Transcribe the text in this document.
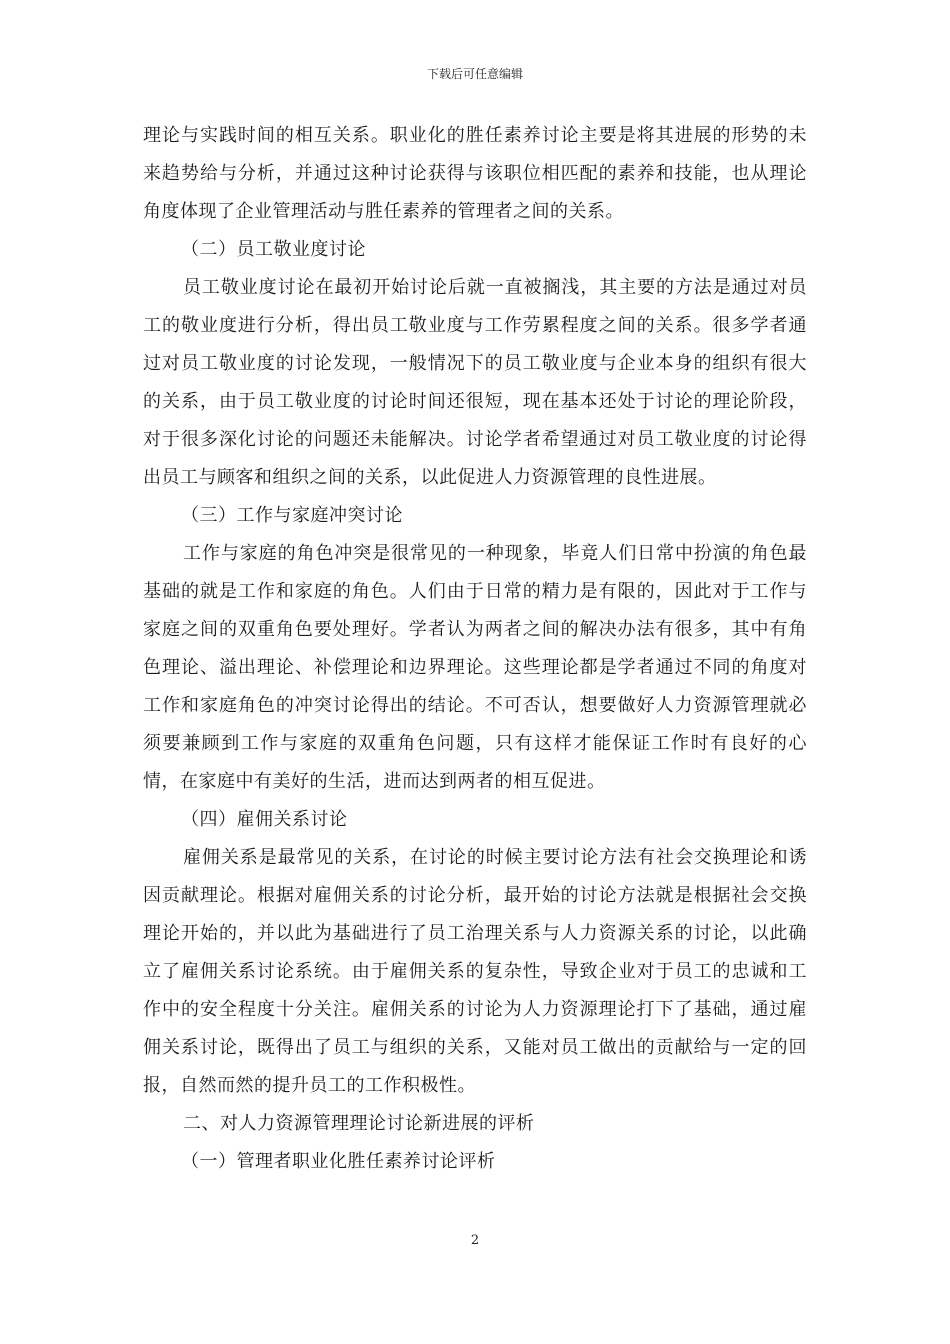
下载后可任意编辑

理论与实践时间的相互关系。职业化的胜任素养讨论主要是将其进展的形势的未来趋势给与分析，并通过这种讨论获得与该职位相匹配的素养和技能，也从理论角度体现了企业管理活动与胜任素养的管理者之间的关系。

（二）员工敬业度讨论

员工敬业度讨论在最初开始讨论后就一直被搁浅，其主要的方法是通过对员工的敬业度进行分析，得出员工敬业度与工作劳累程度之间的关系。很多学者通过对员工敬业度的讨论发现，一般情况下的员工敬业度与企业本身的组织有很大的关系，由于员工敬业度的讨论时间还很短，现在基本还处于讨论的理论阶段，对于很多深化讨论的问题还未能解决。讨论学者希望通过对员工敬业度的讨论得出员工与顾客和组织之间的关系，以此促进人力资源管理的良性进展。

（三）工作与家庭冲突讨论

工作与家庭的角色冲突是很常见的一种现象，毕竟人们日常中扮演的角色最基础的就是工作和家庭的角色。人们由于日常的精力是有限的，因此对于工作与家庭之间的双重角色要处理好。学者认为两者之间的解决办法有很多，其中有角色理论、溢出理论、补偿理论和边界理论。这些理论都是学者通过不同的角度对工作和家庭角色的冲突讨论得出的结论。不可否认，想要做好人力资源管理就必须要兼顾到工作与家庭的双重角色问题，只有这样才能保证工作时有良好的心情，在家庭中有美好的生活，进而达到两者的相互促进。

（四）雇佣关系讨论

雇佣关系是最常见的关系，在讨论的时候主要讨论方法有社会交换理论和诱因贡献理论。根据对雇佣关系的讨论分析，最开始的讨论方法就是根据社会交换理论开始的，并以此为基础进行了员工治理关系与人力资源关系的讨论，以此确立了雇佣关系讨论系统。由于雇佣关系的复杂性，导致企业对于员工的忠诚和工作中的安全程度十分关注。雇佣关系的讨论为人力资源理论打下了基础，通过雇佣关系讨论，既得出了员工与组织的关系，又能对员工做出的贡献给与一定的回报，自然而然的提升员工的工作积极性。

二、对人力资源管理理论讨论新进展的评析

（一）管理者职业化胜任素养讨论评析

2
